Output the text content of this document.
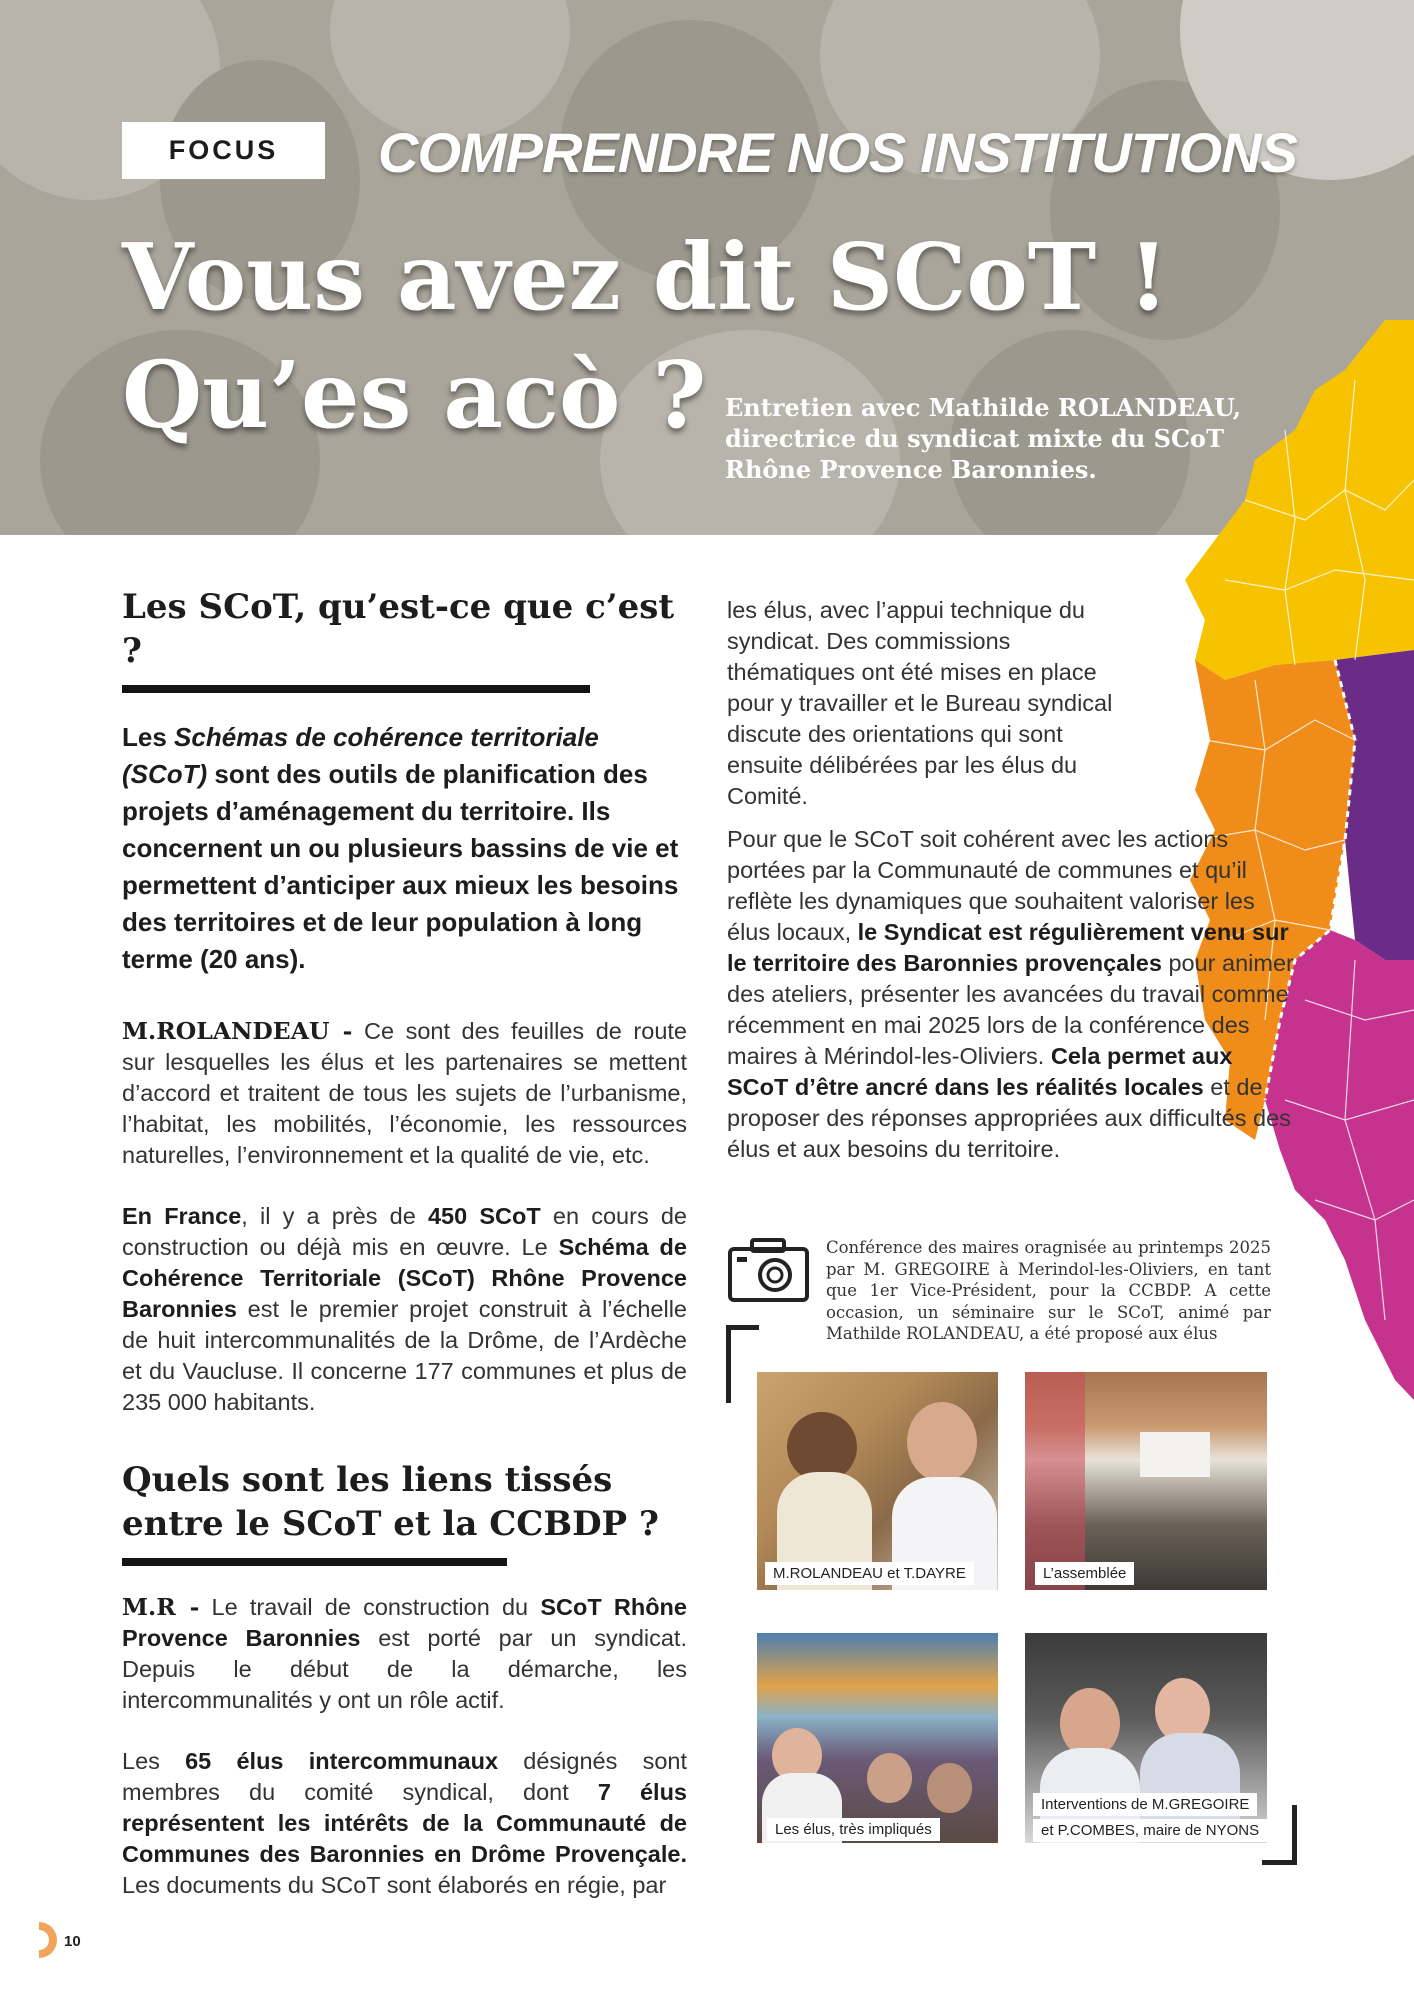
FOCUS	COMPRENDRE NOS INSTITUTIONS
Vous avez dit SCoT !
Qu’es acò ? Entretien avec Mathilde ROLANDEAU,
directrice du syndicat mixte du SCoT
Rhône Provence Baronnies.
Les SCoT, qu’est-ce que c’est ?

Les Schémas de cohérence territoriale (SCoT) sont des outils de planification des projets d’aménagement du territoire. Ils concernent un ou plusieurs bassins de vie et permettent d’anticiper aux mieux les besoins des territoires et de leur population à long terme (20 ans).

M.ROLANDEAU - Ce sont des feuilles de route sur lesquelles les élus et les partenaires se mettent d’accord et traitent de tous les sujets de l’urbanisme, l’habitat, les mobilités, l’économie, les ressources naturelles, l’environnement et la qualité de vie, etc.

En France, il y a près de 450 SCoT en cours de construction ou déjà mis en œuvre. Le Schéma de Cohérence Territoriale (SCoT) Rhône Provence Baronnies est le premier projet construit à l’échelle de huit intercommunalités de la Drôme, de l’Ardèche et du Vaucluse. Il concerne 177 communes et plus de 235 000 habitants.

Quels sont les liens tissés
entre le SCoT et la CCBDP ?

M.R - Le travail de construction du SCoT Rhône Provence Baronnies est porté par un syndicat. Depuis le début de la démarche, les intercommunalités y ont un rôle actif.

Les 65 élus intercommunaux désignés sont membres du comité syndical, dont 7 élus représentent les intérêts de la Communauté de Communes des Baronnies en Drôme Provençale. Les documents du SCoT sont élaborés en régie, par

les élus, avec l’appui technique du syndicat. Des commissions thématiques ont été mises en place pour y travailler et le Bureau syndical discute des orientations qui sont ensuite délibérées par les élus du Comité.

Pour que le SCoT soit cohérent avec les actions portées par la Communauté de communes et qu’il reflète les dynamiques que souhaitent valoriser les élus locaux, le Syndicat est régulièrement venu sur le territoire des Baronnies provençales pour animer des ateliers, présenter les avancées du travail comme récemment en mai 2025 lors de la conférence des maires à Mérindol-les-Oliviers. Cela permet aux SCoT d’être ancré dans les réalités locales et de proposer des réponses appropriées aux difficultés des élus et aux besoins du territoire.

Conférence des maires oragnisée au printemps 2025 par M. GREGOIRE à Merindol-les-Oliviers, en tant que 1er Vice-Président, pour la CCBDP. A cette occasion, un séminaire sur le SCoT, animé par Mathilde ROLANDEAU, a été proposé aux élus
M.ROLANDEAU et T.DAYRE	L’assemblée
Les élus, très impliqués
Interventions de M.GREGOIRE
et P.COMBES, maire de NYONS
10
